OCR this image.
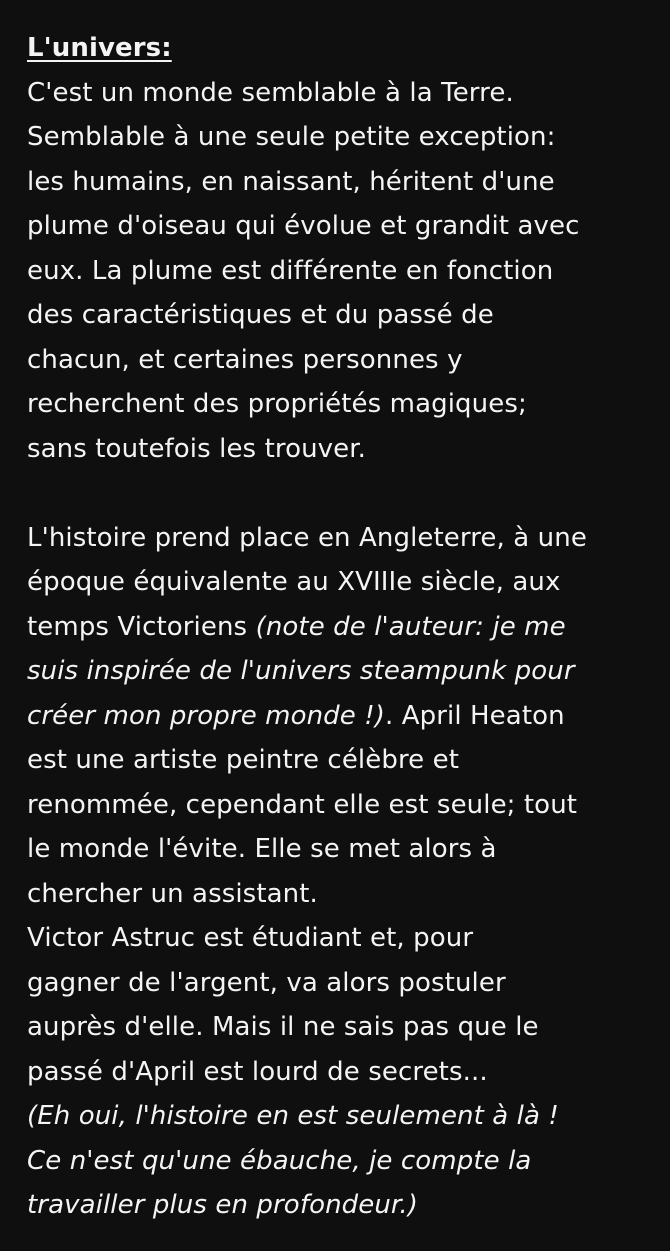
L'univers:
C'est un monde semblable à la Terre.
Semblable à une seule petite exception:
les humains, en naissant, héritent d'une
plume d'oiseau qui évolue et grandit avec
eux. La plume est différente en fonction
des caractéristiques et du passé de
chacun, et certaines personnes y
recherchent des propriétés magiques;
sans toutefois les trouver.
L'histoire prend place en Angleterre, à une
époque équivalente au XVIIIe siècle, aux
temps Victoriens (note de l'auteur: je me
suis inspirée de l'univers steampunk pour
créer mon propre monde !). April Heaton
est une artiste peintre célèbre et
renommée, cependant elle est seule; tout
le monde l'évite. Elle se met alors à
chercher un assistant.
Victor Astruc est étudiant et, pour
gagner de l'argent, va alors postuler
auprès d'elle. Mais il ne sais pas que le
passé d'April est lourd de secrets...
(Eh oui, l'histoire en est seulement à là !
Ce n'est qu'une ébauche, je compte la
travailler plus en profondeur.)
